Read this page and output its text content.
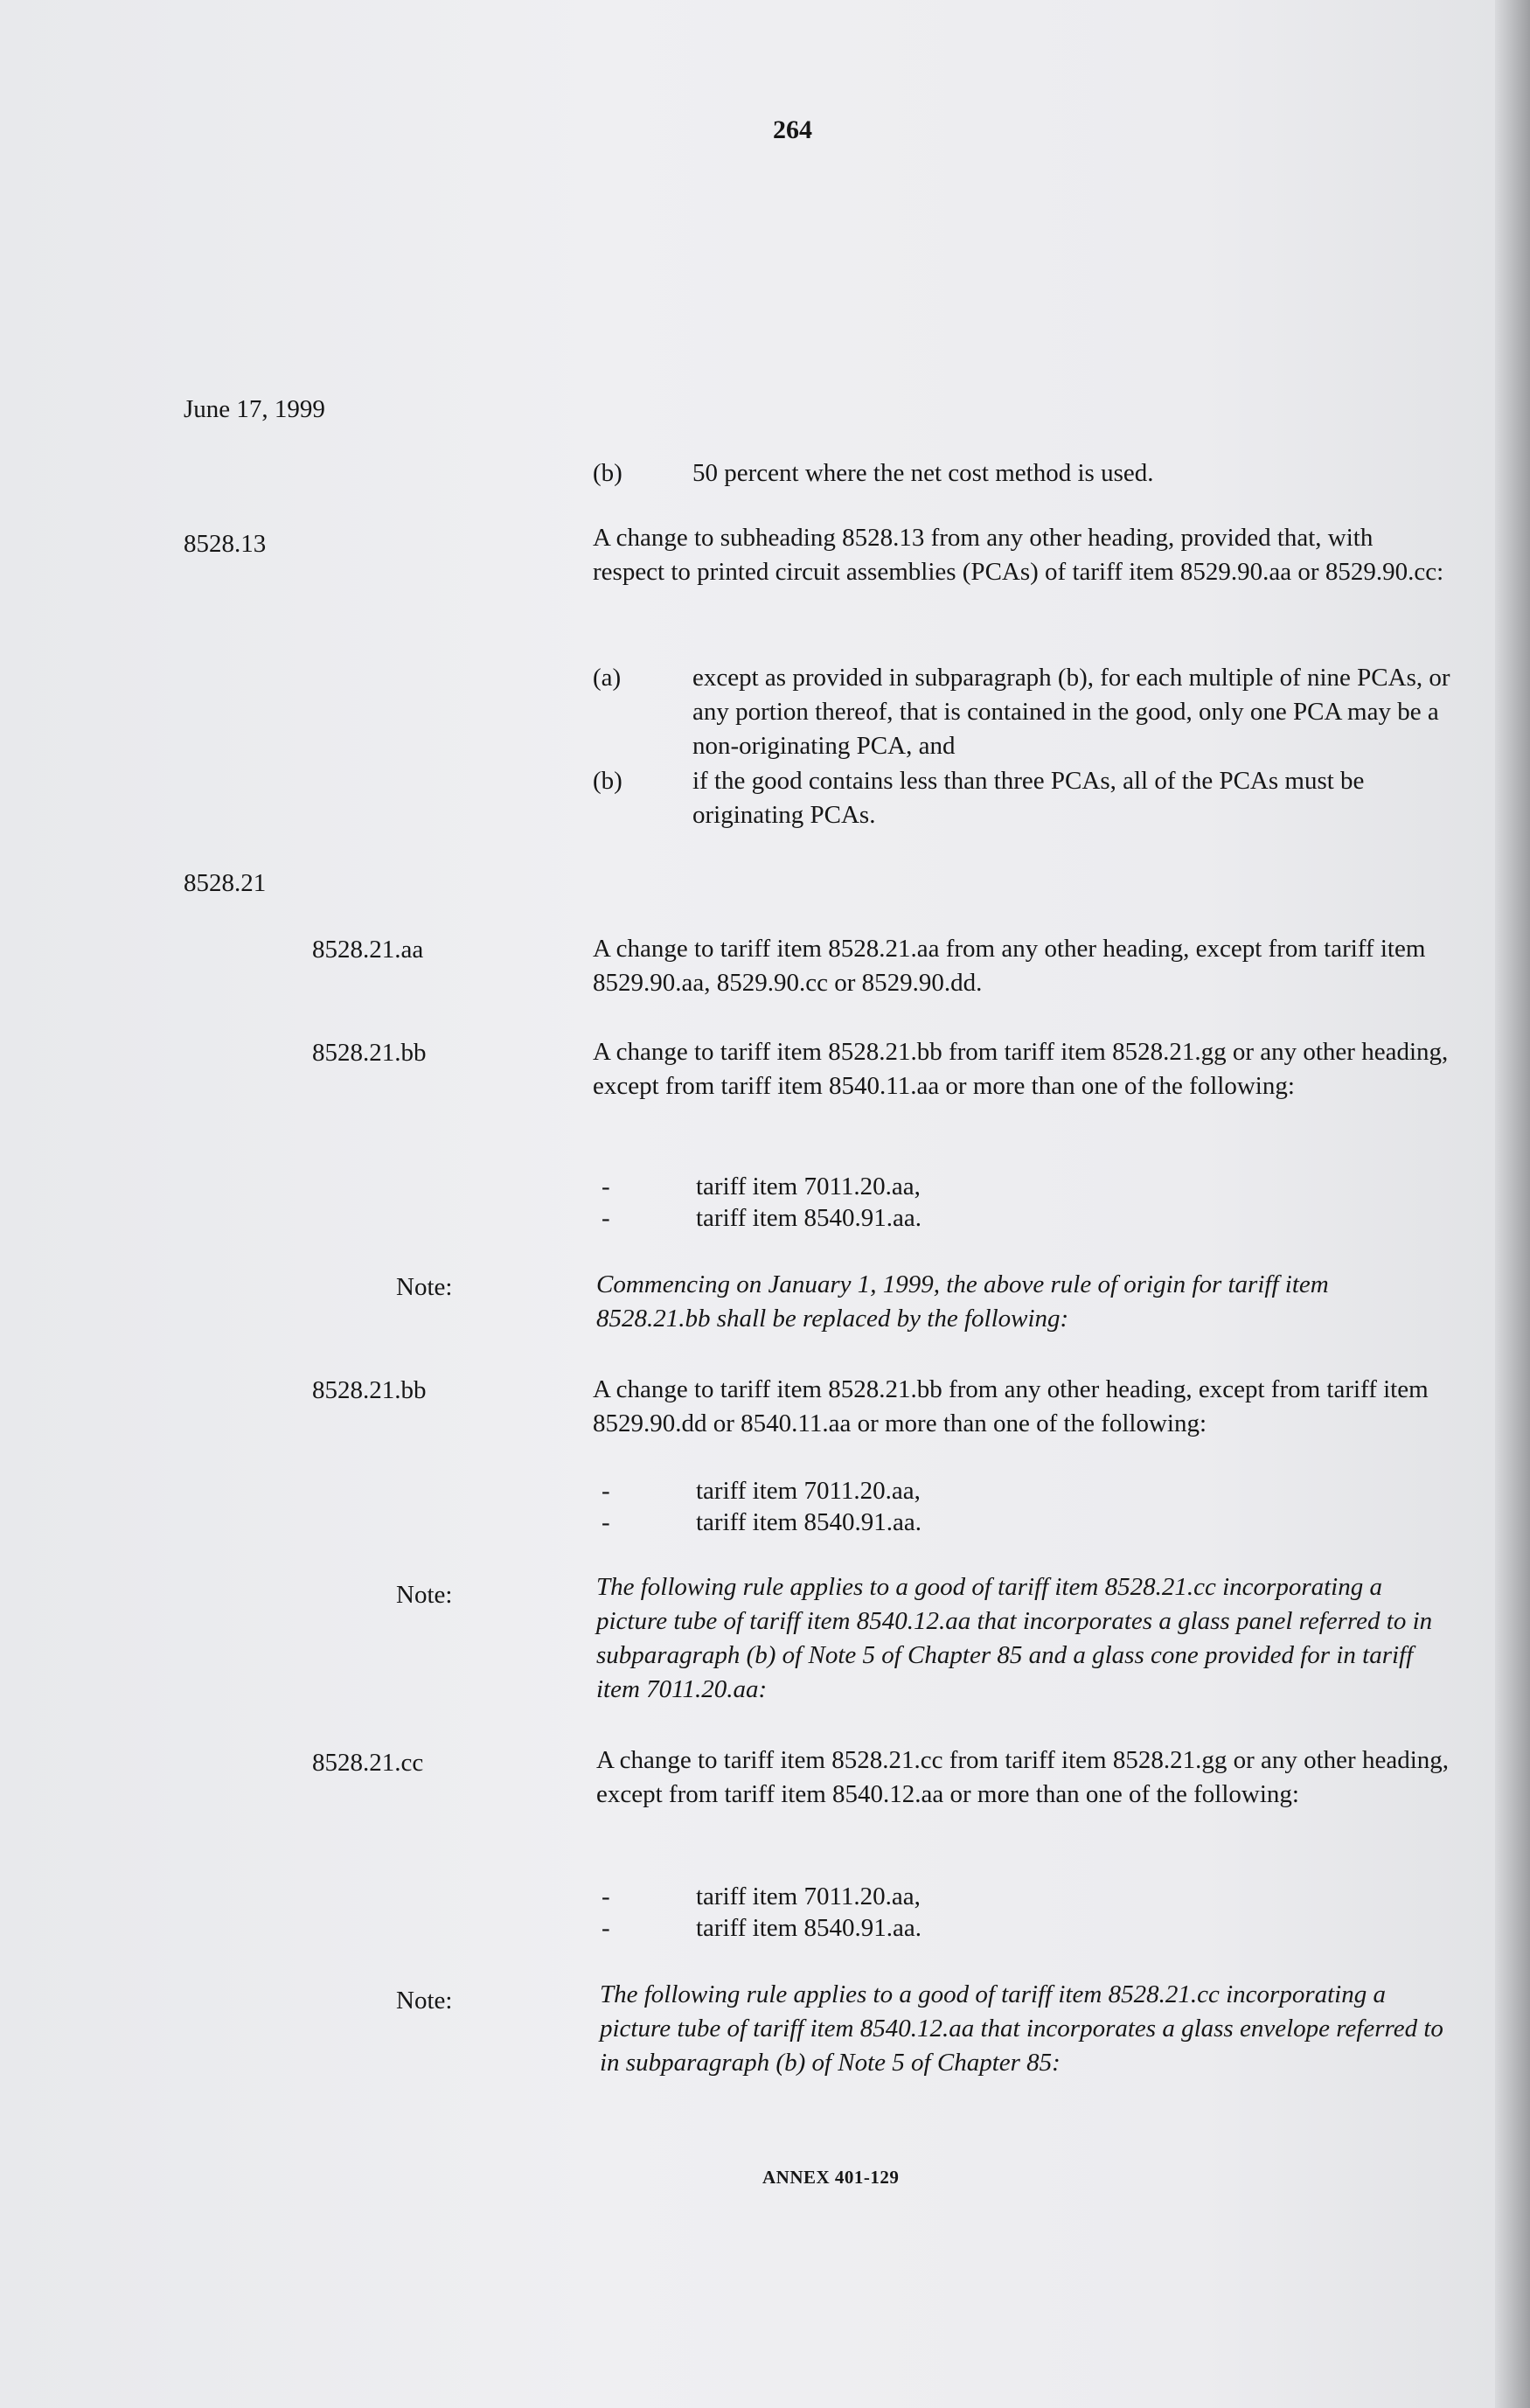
264
June 17, 1999
(b)	50 percent where the net cost method is used.
8528.13	A change to subheading 8528.13 from any other heading, provided that, with respect to printed circuit assemblies (PCAs) of tariff item 8529.90.aa or 8529.90.cc:
(a)	except as provided in subparagraph (b), for each multiple of nine PCAs, or any portion thereof, that is contained in the good, only one PCA may be a non-originating PCA, and
(b)	if the good contains less than three PCAs, all of the PCAs must be originating PCAs.
8528.21
8528.21.aa	A change to tariff item 8528.21.aa from any other heading, except from tariff item 8529.90.aa, 8529.90.cc or 8529.90.dd.
8528.21.bb	A change to tariff item 8528.21.bb from tariff item 8528.21.gg or any other heading, except from tariff item 8540.11.aa or more than one of the following:
-	tariff item 7011.20.aa,
-	tariff item 8540.91.aa.
Note:	Commencing on January 1, 1999, the above rule of origin for tariff item 8528.21.bb shall be replaced by the following:
8528.21.bb	A change to tariff item 8528.21.bb from any other heading, except from tariff item 8529.90.dd or 8540.11.aa or more than one of the following:
-	tariff item 7011.20.aa,
-	tariff item 8540.91.aa.
Note:	The following rule applies to a good of tariff item 8528.21.cc incorporating a picture tube of tariff item 8540.12.aa that incorporates a glass panel referred to in subparagraph (b) of Note 5 of Chapter 85 and a glass cone provided for in tariff item 7011.20.aa:
8528.21.cc	A change to tariff item 8528.21.cc from tariff item 8528.21.gg or any other heading, except from tariff item 8540.12.aa or more than one of the following:
-	tariff item 7011.20.aa,
-	tariff item 8540.91.aa.
Note:	The following rule applies to a good of tariff item 8528.21.cc incorporating a picture tube of tariff item 8540.12.aa that incorporates a glass envelope referred to in subparagraph (b) of Note 5 of Chapter 85:
ANNEX 401-129
